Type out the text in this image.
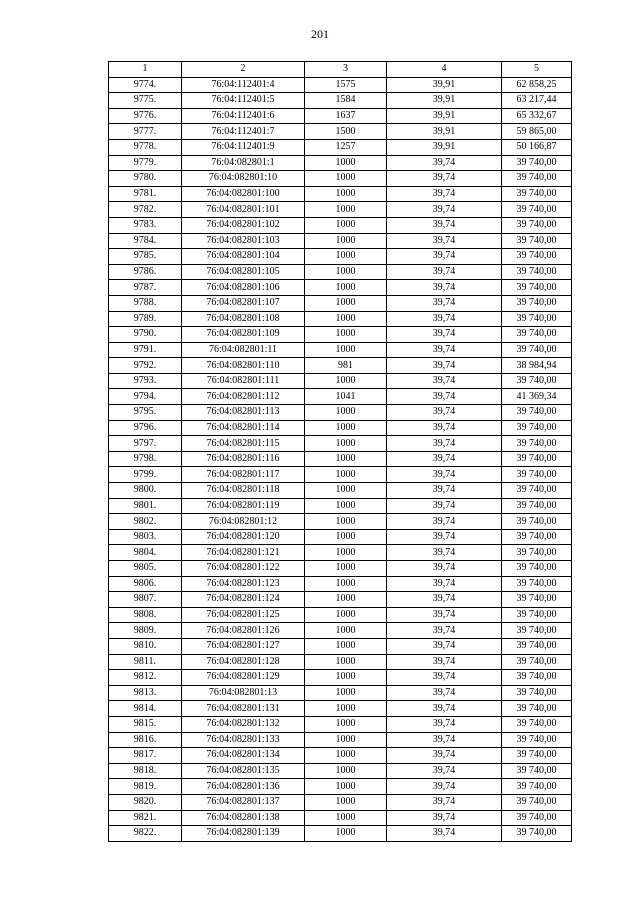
201
1	2	3	4	5
9774.	76:04:112401:4	1575	39,91	62 858,25
9775.	76:04:112401:5	1584	39,91	63 217,44
9776.	76:04:112401:6	1637	39,91	65 332,67
9777.	76:04:112401:7	1500	39,91	59 865,00
9778.	76:04:112401:9	1257	39,91	50 166,87
9779.	76:04:082801:1	1000	39,74	39 740,00
9780.	76:04:082801:10	1000	39,74	39 740,00
9781.	76:04:082801:100	1000	39,74	39 740,00
9782.	76:04:082801:101	1000	39,74	39 740,00
9783.	76:04:082801:102	1000	39,74	39 740,00
9784.	76:04:082801:103	1000	39,74	39 740,00
9785.	76:04:082801:104	1000	39,74	39 740,00
9786.	76:04:082801:105	1000	39,74	39 740,00
9787.	76:04:082801:106	1000	39,74	39 740,00
9788.	76:04:082801:107	1000	39,74	39 740,00
9789.	76:04:082801:108	1000	39,74	39 740,00
9790.	76:04:082801:109	1000	39,74	39 740,00
9791.	76:04:082801:11	1000	39,74	39 740,00
9792.	76:04:082801:110	981	39,74	38 984,94
9793.	76:04:082801:111	1000	39,74	39 740,00
9794.	76:04:082801:112	1041	39,74	41 369,34
9795.	76:04:082801:113	1000	39,74	39 740,00
9796.	76:04:082801:114	1000	39,74	39 740,00
9797.	76:04:082801:115	1000	39,74	39 740,00
9798.	76:04:082801:116	1000	39,74	39 740,00
9799.	76:04:082801:117	1000	39,74	39 740,00
9800.	76:04:082801:118	1000	39,74	39 740,00
9801.	76:04:082801:119	1000	39,74	39 740,00
9802.	76:04:082801:12	1000	39,74	39 740,00
9803.	76:04:082801:120	1000	39,74	39 740,00
9804.	76:04:082801:121	1000	39,74	39 740,00
9805.	76:04:082801:122	1000	39,74	39 740,00
9806.	76:04:082801:123	1000	39,74	39 740,00
9807.	76:04:082801:124	1000	39,74	39 740,00
9808.	76:04:082801:125	1000	39,74	39 740,00
9809.	76:04:082801:126	1000	39,74	39 740,00
9810.	76:04:082801:127	1000	39,74	39 740,00
9811.	76:04:082801:128	1000	39,74	39 740,00
9812.	76:04:082801:129	1000	39,74	39 740,00
9813.	76:04:082801:13	1000	39,74	39 740,00
9814.	76:04:082801:131	1000	39,74	39 740,00
9815.	76:04:082801:132	1000	39,74	39 740,00
9816.	76:04:082801:133	1000	39,74	39 740,00
9817.	76:04:082801:134	1000	39,74	39 740,00
9818.	76:04:082801:135	1000	39,74	39 740,00
9819.	76:04:082801:136	1000	39,74	39 740,00
9820.	76:04:082801:137	1000	39,74	39 740,00
9821.	76:04:082801:138	1000	39,74	39 740,00
9822.	76:04:082801:139	1000	39,74	39 740,00
